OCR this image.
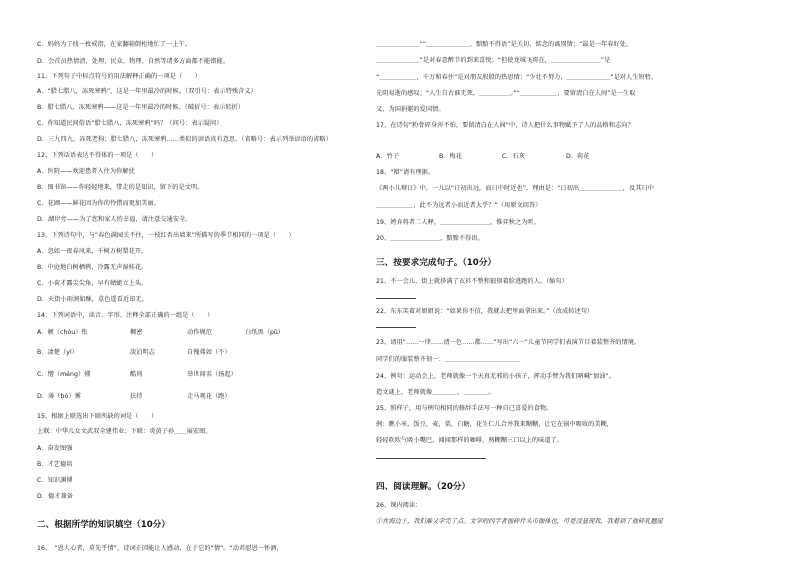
C．妈妈为了找一枚戒指，在家翻箱倒柜地忙了一上午。
D．会首员热情清，处理、民众、物理、自然等诸多方面都不能错能。
11、下列句子中标点符号的用法解释正确的一项是（　　）
A．“腊七腊八，冻死寒鸦”，这是一年里最冷的时候。（双引号：表示特殊含义）
B．腊七腊八，冻死寒鸦——这是一年里最冷的时候。（破折号：表示转折）
C．你知道民间俗语“腊七腊八，冻死寒鸦”吗？（问号：表示疑问）
D．三九四九，冻死老狗；腊七腊八，冻死寒鸦……类似的谚语真有意思。（省略号：表示列举谚语的省略）
12、下列话语表达不得体的一项是（　　）
A．医院——欢迎患者入住为你解忧
B．图书馆——你轻轻地来，带走的是知识，留下的是文明。
C．花圃——鲜花因为你的怜惜而更加美丽。
D．湖岸旁——为了您和家人的幸福，请注意交通安全。
13、下列诗句中，与“春色满园关不住，一枝红杏出墙来”所描写的季节相同的一项是（　　）
A．忽如一夜春风来，千树万树梨花开。
B．中庭地白树栖鸦，冷露无声湿桂花。
C．小荷才露尖尖角，早有蜻蜓立上头。
D．天街小雨润如酥，草色遥看近却无。
14、下列词语中，读音、字形、注释全部正确的一组是（　　）
A．顿（chóu）怅	稠密	动作规范	白纸黑（pǔ）
B．凄楚（yì）	淡泊明志	自愧弗如（不）
C．憎（méng）懂	酷刑	举世闻名（扬起）
D．薄（bó）雾	扶持	走马观花（跑）
15、根据上联选出下联所缺的词是（　　）
上联：中华儿女文武双全建伟业；下联：炎黄子孙＿＿展宏图。
A．奋发图强
B．才艺德培
C．知识渊博
D．德才兼备
二、根据所学的知识填空（10分）
16、　“恩人心者，莫先乎情”，诗词正因能让人感动，在于它的“情”。“动君慰恩一怀酒，
＿＿＿＿＿＿＿”“＿＿＿＿＿＿＿，黯黯不得语”是关切、惦念的离别情；“最是一年春好处，
＿＿＿＿＿＿＿”是对春意醉节的到来喜悦；“但使龙城飞将在，＿＿＿＿＿＿＿＿”是
“＿＿＿＿＿＿，千万和春住”是对朋友殷殷的热思情；“少壮不努力，＿＿＿＿＿＿＿”是对人生短暂、
光阴易逝的感叹；“人生自古谁无死，＿＿＿＿＿。”“＿＿＿＿＿＿，要留清白在人间”是一生取
义，为国捐躯的爱国情。
17、在诗句“粉骨碎身浑不怕，要留清白在人间”中，诗人把什么事物赋予了人的品格和志向？
A．竹子	B．梅花	C．石灰	D．荷花
18、“辩”请有理据。
《两小儿辩日》中，一儿以“日初出远，而日中时近也”，理由是：“日初出＿＿＿＿＿＿＿，及其日中
＿＿＿＿＿＿，此不为远者小而近者大乎？”（用原文回答）
19、娉弃将者二人释，＿＿＿＿＿＿＿＿，惟弈秋之为听。
20、＿＿＿＿＿＿＿＿，黯黯不得语。
三、按要求完成句子。（10分）
21、不一会儿，街上就挤满了衣衫不整和狼狈着脸逃跑的人。（缩句）
22、东东笑着对姐姐说：“如果你不信，我就去把里面拿出来。”（改成转述句）
23、请用“……一律……清一色……都……”写出“六一”儿童节同学们表演节目着装整齐的情境。
同学们的服装整齐划一：＿＿＿＿＿＿＿＿＿＿＿＿
24、例句：运动会上，老师就像一个天真无邪的小孩子，挥动手臂为我们呐喊“加油”。
造文谜上，老师就像＿＿＿＿，＿＿＿＿。
25、照样子，用与例句相同的修辞手法写一种自己喜爱的食物。
例：瞧小米，饭豆，麦，栗，白糖，花生仁儿合并我来糊糊，让它在锅中吸收的美糊，
轻轻吹吹气吸小嘴巴，闻闻那样的咖啡，熟糊糊三口以上的味道了。
四、阅读理解。（20分）
26、课内阅读：
①在海边上，我们难又学完了点。文学的四字者他碎件头市伽体也，可是沒显现我，我着到了他碎乳题屋
